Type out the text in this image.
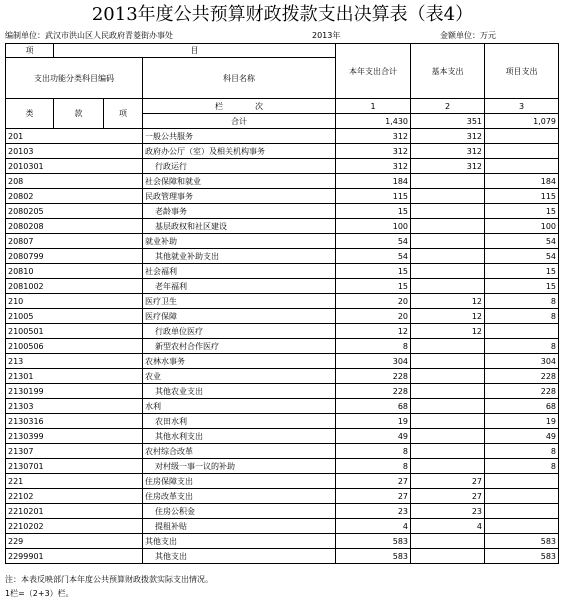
2013年度公共预算财政拨款支出决算表（表4）
编制单位：武汉市洪山区人民政府青菱街办事处	2013年	金额单位：万元
项	目			本年支出合计	基本支出	项目支出
支出功能分类科目编码			科目名称			

类	款	项	栏　　　　次	1	2	3
			合计	1,430	351	1,079
201			一般公共服务	312	312	
20103			政府办公厅（室）及相关机构事务	312	312	
2010301			行政运行	312	312	
208			社会保障和就业	184		184
20802			民政管理事务	115		115
2080205			老龄事务	15		15
2080208			基层政权和社区建设	100		100
20807			就业补助	54		54
2080799			其他就业补助支出	54		54
20810			社会福利	15		15
2081002			老年福利	15		15
210			医疗卫生	20	12	8
21005			医疗保障	20	12	8
2100501			行政单位医疗	12	12	
2100506			新型农村合作医疗	8		8
213			农林水事务	304		304
21301			农业	228		228
2130199			其他农业支出	228		228
21303			水利	68		68
2130316			农田水利	19		19
2130399			其他水利支出	49		49
21307			农村综合改革	8		8
2130701			对村级一事一议的补助	8		8
221			住房保障支出	27	27	
22102			住房改革支出	27	27	
2210201			住房公积金	23	23	
2210202			提租补贴	4	4	
229			其他支出	583		583
2299901			其他支出	583		583
注：本表反映部门本年度公共预算财政拨款实际支出情况。
1栏=（2+3）栏。
